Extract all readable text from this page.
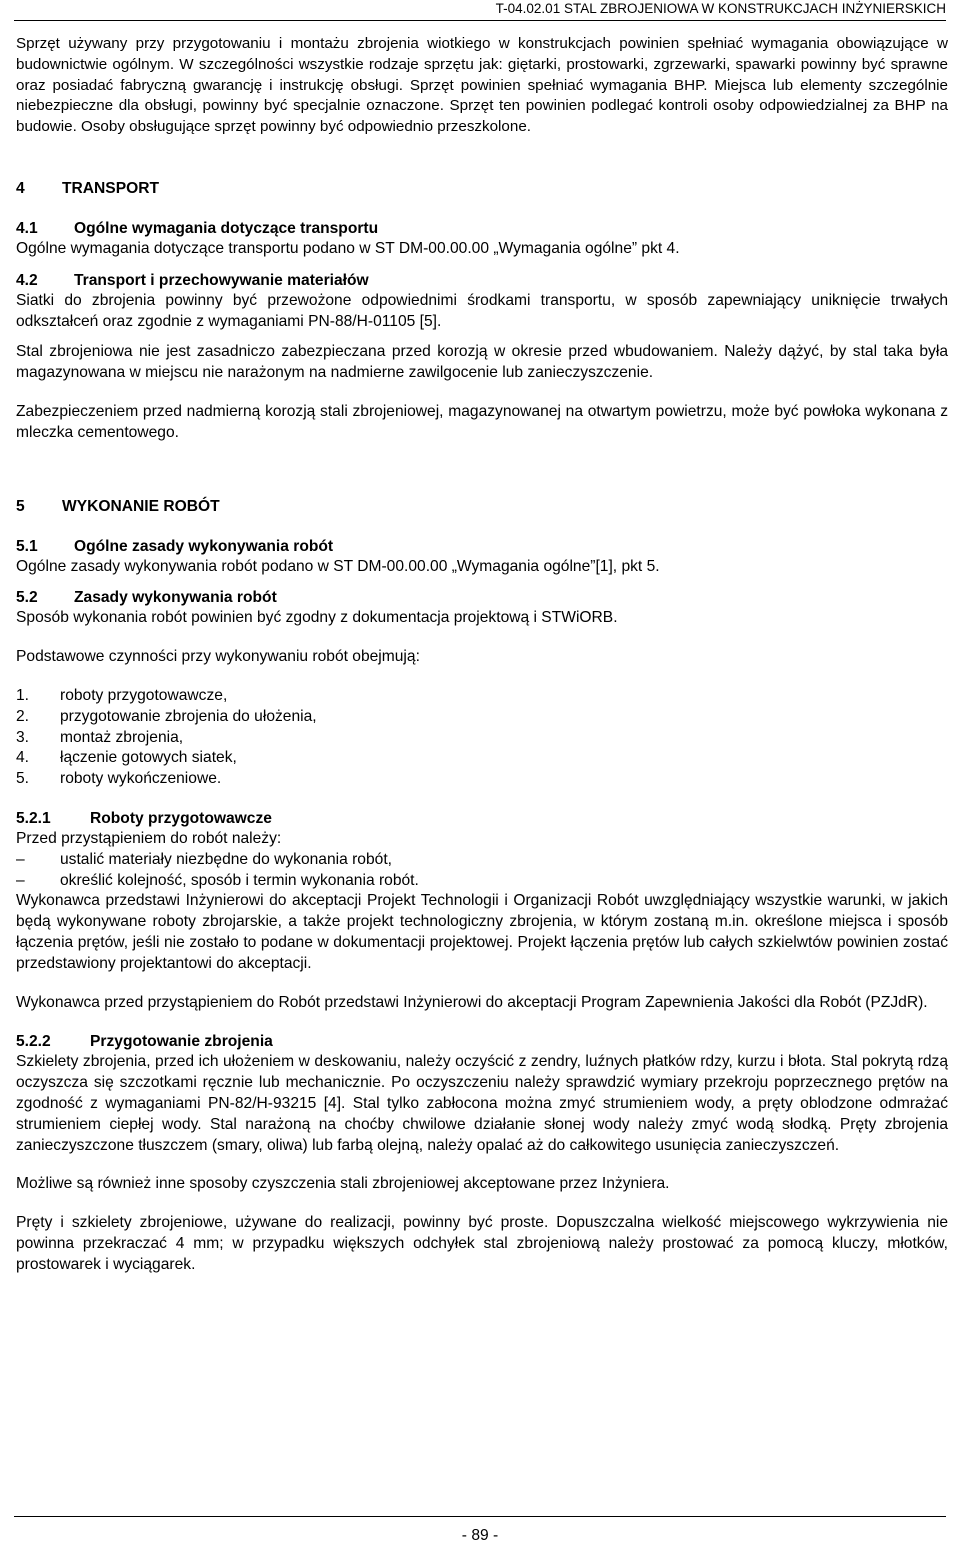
T-04.02.01 STAL ZBROJENIOWA W KONSTRUKCJACH INŻYNIERSKICH

Sprzęt używany przy przygotowaniu i montażu zbrojenia wiotkiego w konstrukcjach powinien spełniać wymagania obowiązujące w budownictwie ogólnym. W szczególności wszystkie rodzaje sprzętu jak: giętarki, prostowarki, zgrzewarki, spawarki powinny być sprawne oraz posiadać fabryczną gwarancję i instrukcję obsługi. Sprzęt powinien spełniać wymagania BHP. Miejsca lub elementy szczególnie niebezpieczne dla obsługi, powinny być specjalnie oznaczone. Sprzęt ten powinien podlegać kontroli osoby odpowiedzialnej za BHP na budowie. Osoby obsługujące sprzęt powinny być odpowiednio przeszkolone.

4	TRANSPORT
4.1	Ogólne wymagania dotyczące transportu

Ogólne wymagania dotyczące transportu podano w ST DM-00.00.00 „Wymagania ogólne” pkt 4.

4.2	Transport i przechowywanie materiałów

Siatki do zbrojenia powinny być przewożone odpowiednimi środkami transportu, w sposób zapewniający uniknięcie trwałych odkształceń oraz zgodnie z wymaganiami PN-88/H-01105 [5].

Stal zbrojeniowa nie jest zasadniczo zabezpieczana przed korozją w okresie przed wbudowaniem. Należy dążyć, by stal taka była magazynowana w miejscu nie narażonym na nadmierne zawilgocenie lub zanieczyszczenie.

Zabezpieczeniem przed nadmierną korozją stali zbrojeniowej, magazynowanej na otwartym powietrzu, może być powłoka wykonana z mleczka cementowego.

5	WYKONANIE ROBÓT
5.1	Ogólne zasady wykonywania robót

Ogólne zasady wykonywania robót podano w ST DM-00.00.00 „Wymagania ogólne”[1], pkt 5.

5.2	Zasady wykonywania robót

Sposób wykonania robót powinien być zgodny z dokumentacja projektową i STWiORB.

Podstawowe czynności przy wykonywaniu robót obejmują:

1.	roboty przygotowawcze,
2.	przygotowanie zbrojenia do ułożenia,
3.	montaż zbrojenia,
4.	łączenie gotowych siatek,
5.	roboty wykończeniowe.
5.2.1	Roboty przygotowawcze

Przed przystąpieniem do robót należy:

–	ustalić materiały niezbędne do wykonania robót,
–	określić kolejność, sposób i termin wykonania robót.

Wykonawca przedstawi Inżynierowi do akceptacji Projekt Technologii i Organizacji Robót uwzględniający wszystkie warunki, w jakich będą wykonywane roboty zbrojarskie, a także projekt technologiczny zbrojenia, w którym zostaną m.in. określone miejsca i sposób łączenia prętów, jeśli nie zostało to podane w dokumentacji projektowej. Projekt łączenia prętów lub całych szkielwtów powinien zostać przedstawiony projektantowi do akceptacji.

Wykonawca przed przystąpieniem do Robót przedstawi Inżynierowi do akceptacji Program Zapewnienia Jakości dla Robót (PZJdR).

5.2.2	Przygotowanie zbrojenia

Szkielety zbrojenia, przed ich ułożeniem w deskowaniu, należy oczyścić z zendry, luźnych płatków rdzy, kurzu i błota. Stal pokrytą rdzą oczyszcza się szczotkami ręcznie lub mechanicznie. Po oczyszczeniu należy sprawdzić wymiary przekroju poprzecznego prętów na zgodność z wymaganiami PN-82/H-93215 [4]. Stal tylko zabłocona można zmyć strumieniem wody, a pręty oblodzone odmrażać strumieniem ciepłej wody. Stal narażoną na choćby chwilowe działanie słonej wody należy zmyć wodą słodką. Pręty zbrojenia zanieczyszczone tłuszczem (smary, oliwa) lub farbą olejną, należy opalać aż do całkowitego usunięcia zanieczyszczeń.

Możliwe są również inne sposoby czyszczenia stali zbrojeniowej akceptowane przez Inżyniera.

Pręty i szkielety zbrojeniowe, używane do realizacji, powinny być proste. Dopuszczalna wielkość miejscowego wykrzywienia nie powinna przekraczać 4 mm; w przypadku większych odchyłek stal zbrojeniową należy prostować za pomocą kluczy, młotków, prostowarek i wyciągarek.

- 89 -
